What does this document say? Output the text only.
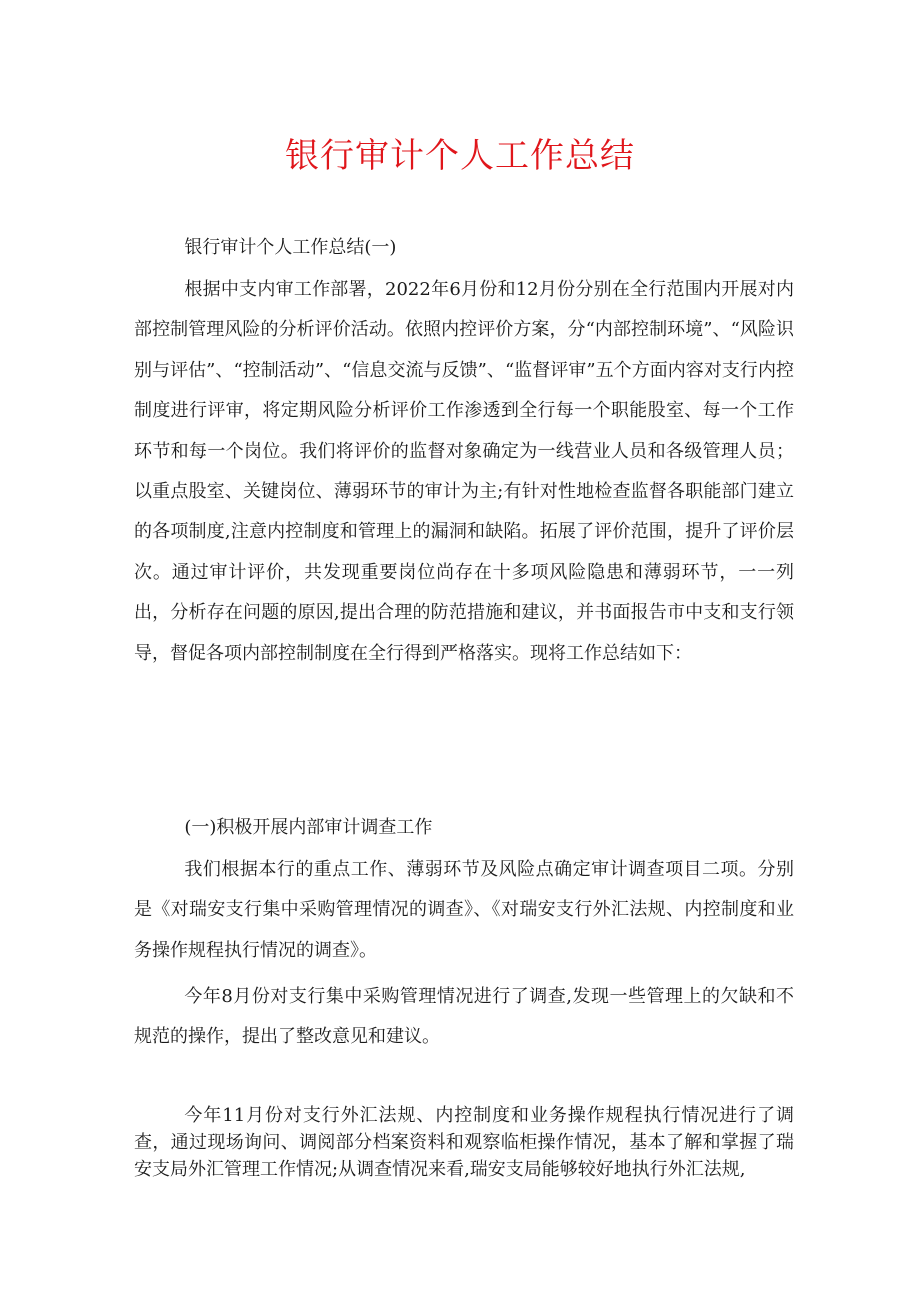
银行审计个人工作总结

银行审计个人工作总结(一)

根据中支内审工作部署，2022年6月份和12月份分别在全行范围内开展对内部控制管理风险的分析评价活动。依照内控评价方案，分“内部控制环境”、“风险识别与评估”、“控制活动”、“信息交流与反馈”、“监督评审”五个方面内容对支行内控制度进行评审，将定期风险分析评价工作渗透到全行每一个职能股室、每一个工作环节和每一个岗位。我们将评价的监督对象确定为一线营业人员和各级管理人员；以重点股室、关键岗位、薄弱环节的审计为主;有针对性地检查监督各职能部门建立的各项制度,注意内控制度和管理上的漏洞和缺陷。拓展了评价范围，提升了评价层次。通过审计评价，共发现重要岗位尚存在十多项风险隐患和薄弱环节，一一列出，分析存在问题的原因,提出合理的防范措施和建议，并书面报告市中支和支行领导，督促各项内部控制制度在全行得到严格落实。现将工作总结如下：

(一)积极开展内部审计调查工作

我们根据本行的重点工作、薄弱环节及风险点确定审计调查项目二项。分别是《对瑞安支行集中采购管理情况的调查》、《对瑞安支行外汇法规、内控制度和业务操作规程执行情况的调查》。

今年8月份对支行集中采购管理情况进行了调查,发现一些管理上的欠缺和不规范的操作，提出了整改意见和建议。

今年11月份对支行外汇法规、内控制度和业务操作规程执行情况进行了调查，通过现场询问、调阅部分档案资料和观察临柜操作情况，基本了解和掌握了瑞安支局外汇管理工作情况;从调查情况来看,瑞安支局能够较好地执行外汇法规,
